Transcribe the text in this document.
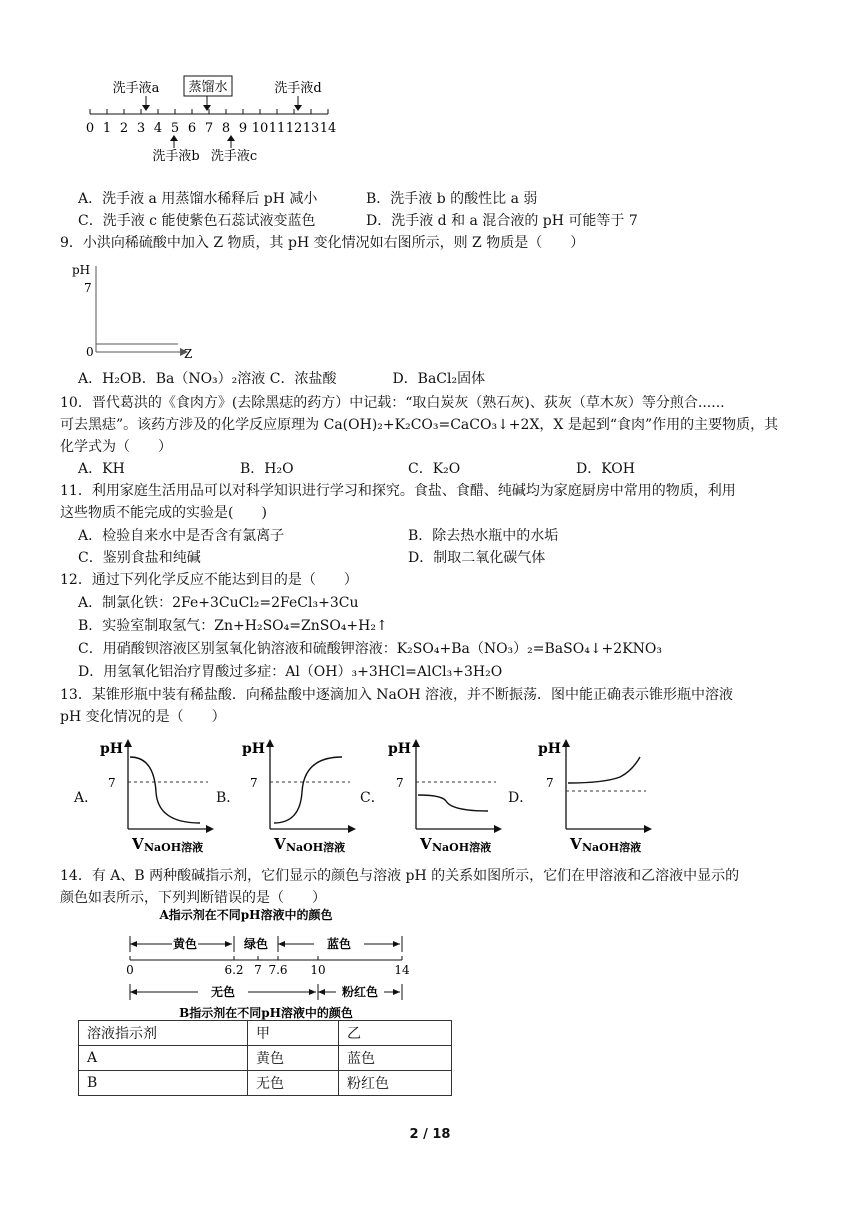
洗手液a 蒸馏水	洗手液d
0 1 2 3 4 5 6 7 8 9 10 11 12 13 14
洗手液b 洗手液c
A．洗手液 a 用蒸馏水稀释后 pH 减小	B．洗手液 b 的酸性比 a 弱
C．洗手液 c 能使紫色石蕊试液变蓝色	D．洗手液 d 和 a 混合液的 pH 可能等于 7
9．小洪向稀硫酸中加入 Z 物质，其 pH 变化情况如右图所示，则 Z 物质是（　　）
pH
7
0	Z
A．H₂OB．Ba（NO₃）₂溶液 C．浓盐酸　　　　D．BaCl₂固体
10．晋代葛洪的《食肉方》(去除黑痣的药方）中记载：“取白炭灰（熟石灰)、荻灰（草木灰）等分煎合......
可去黑痣”。该药方涉及的化学反应原理为 Ca(OH)₂+K₂CO₃=CaCO₃↓+2X，X 是起到“食肉”作用的主要物质，其
化学式为（　　）
A．KH	B．H₂O	C．K₂O	D．KOH
11．利用家庭生活用品可以对科学知识进行学习和探究。食盐、食醋、纯碱均为家庭厨房中常用的物质，利用
这些物质不能完成的实验是(　　)
A．检验自来水中是否含有氯离子	B．除去热水瓶中的水垢
C．鉴别食盐和纯碱	D．制取二氧化碳气体
12．通过下列化学反应不能达到目的是（　　）
A．制氯化铁：2Fe+3CuCl₂=2FeCl₃+3Cu
B．实验室制取氢气：Zn+H₂SO₄=ZnSO₄+H₂↑
C．用硝酸钡溶液区别氢氧化钠溶液和硫酸钾溶液：K₂SO₄+Ba（NO₃）₂=BaSO₄↓+2KNO₃
D．用氢氧化铝治疗胃酸过多症：Al（OH）₃+3HCl=AlCl₃+3H₂O
13．某锥形瓶中装有稀盐酸．向稀盐酸中逐滴加入 NaOH 溶液，并不断振荡．图中能正确表示锥形瓶中溶液
pH 变化情况的是（　　）
A．	B．	C．	D．
pH
7
V NaOH溶液
pH
7
V NaOH溶液
pH
7
V NaOH溶液
pH
7
V NaOH溶液
14．有 A、B 两种酸碱指示剂，它们显示的颜色与溶液 pH 的关系如图所示，它们在甲溶液和乙溶液中显示的
颜色如表所示，下列判断错误的是（　　）
A指示剂在不同pH溶液中的颜色
黄色	绿色	蓝色
0	6.2 7 7.6 10	14
无色	粉红色
B指示剂在不同pH溶液中的颜色
溶液指示剂	甲	乙
A	黄色	蓝色
B	无色	粉红色
2 / 18
